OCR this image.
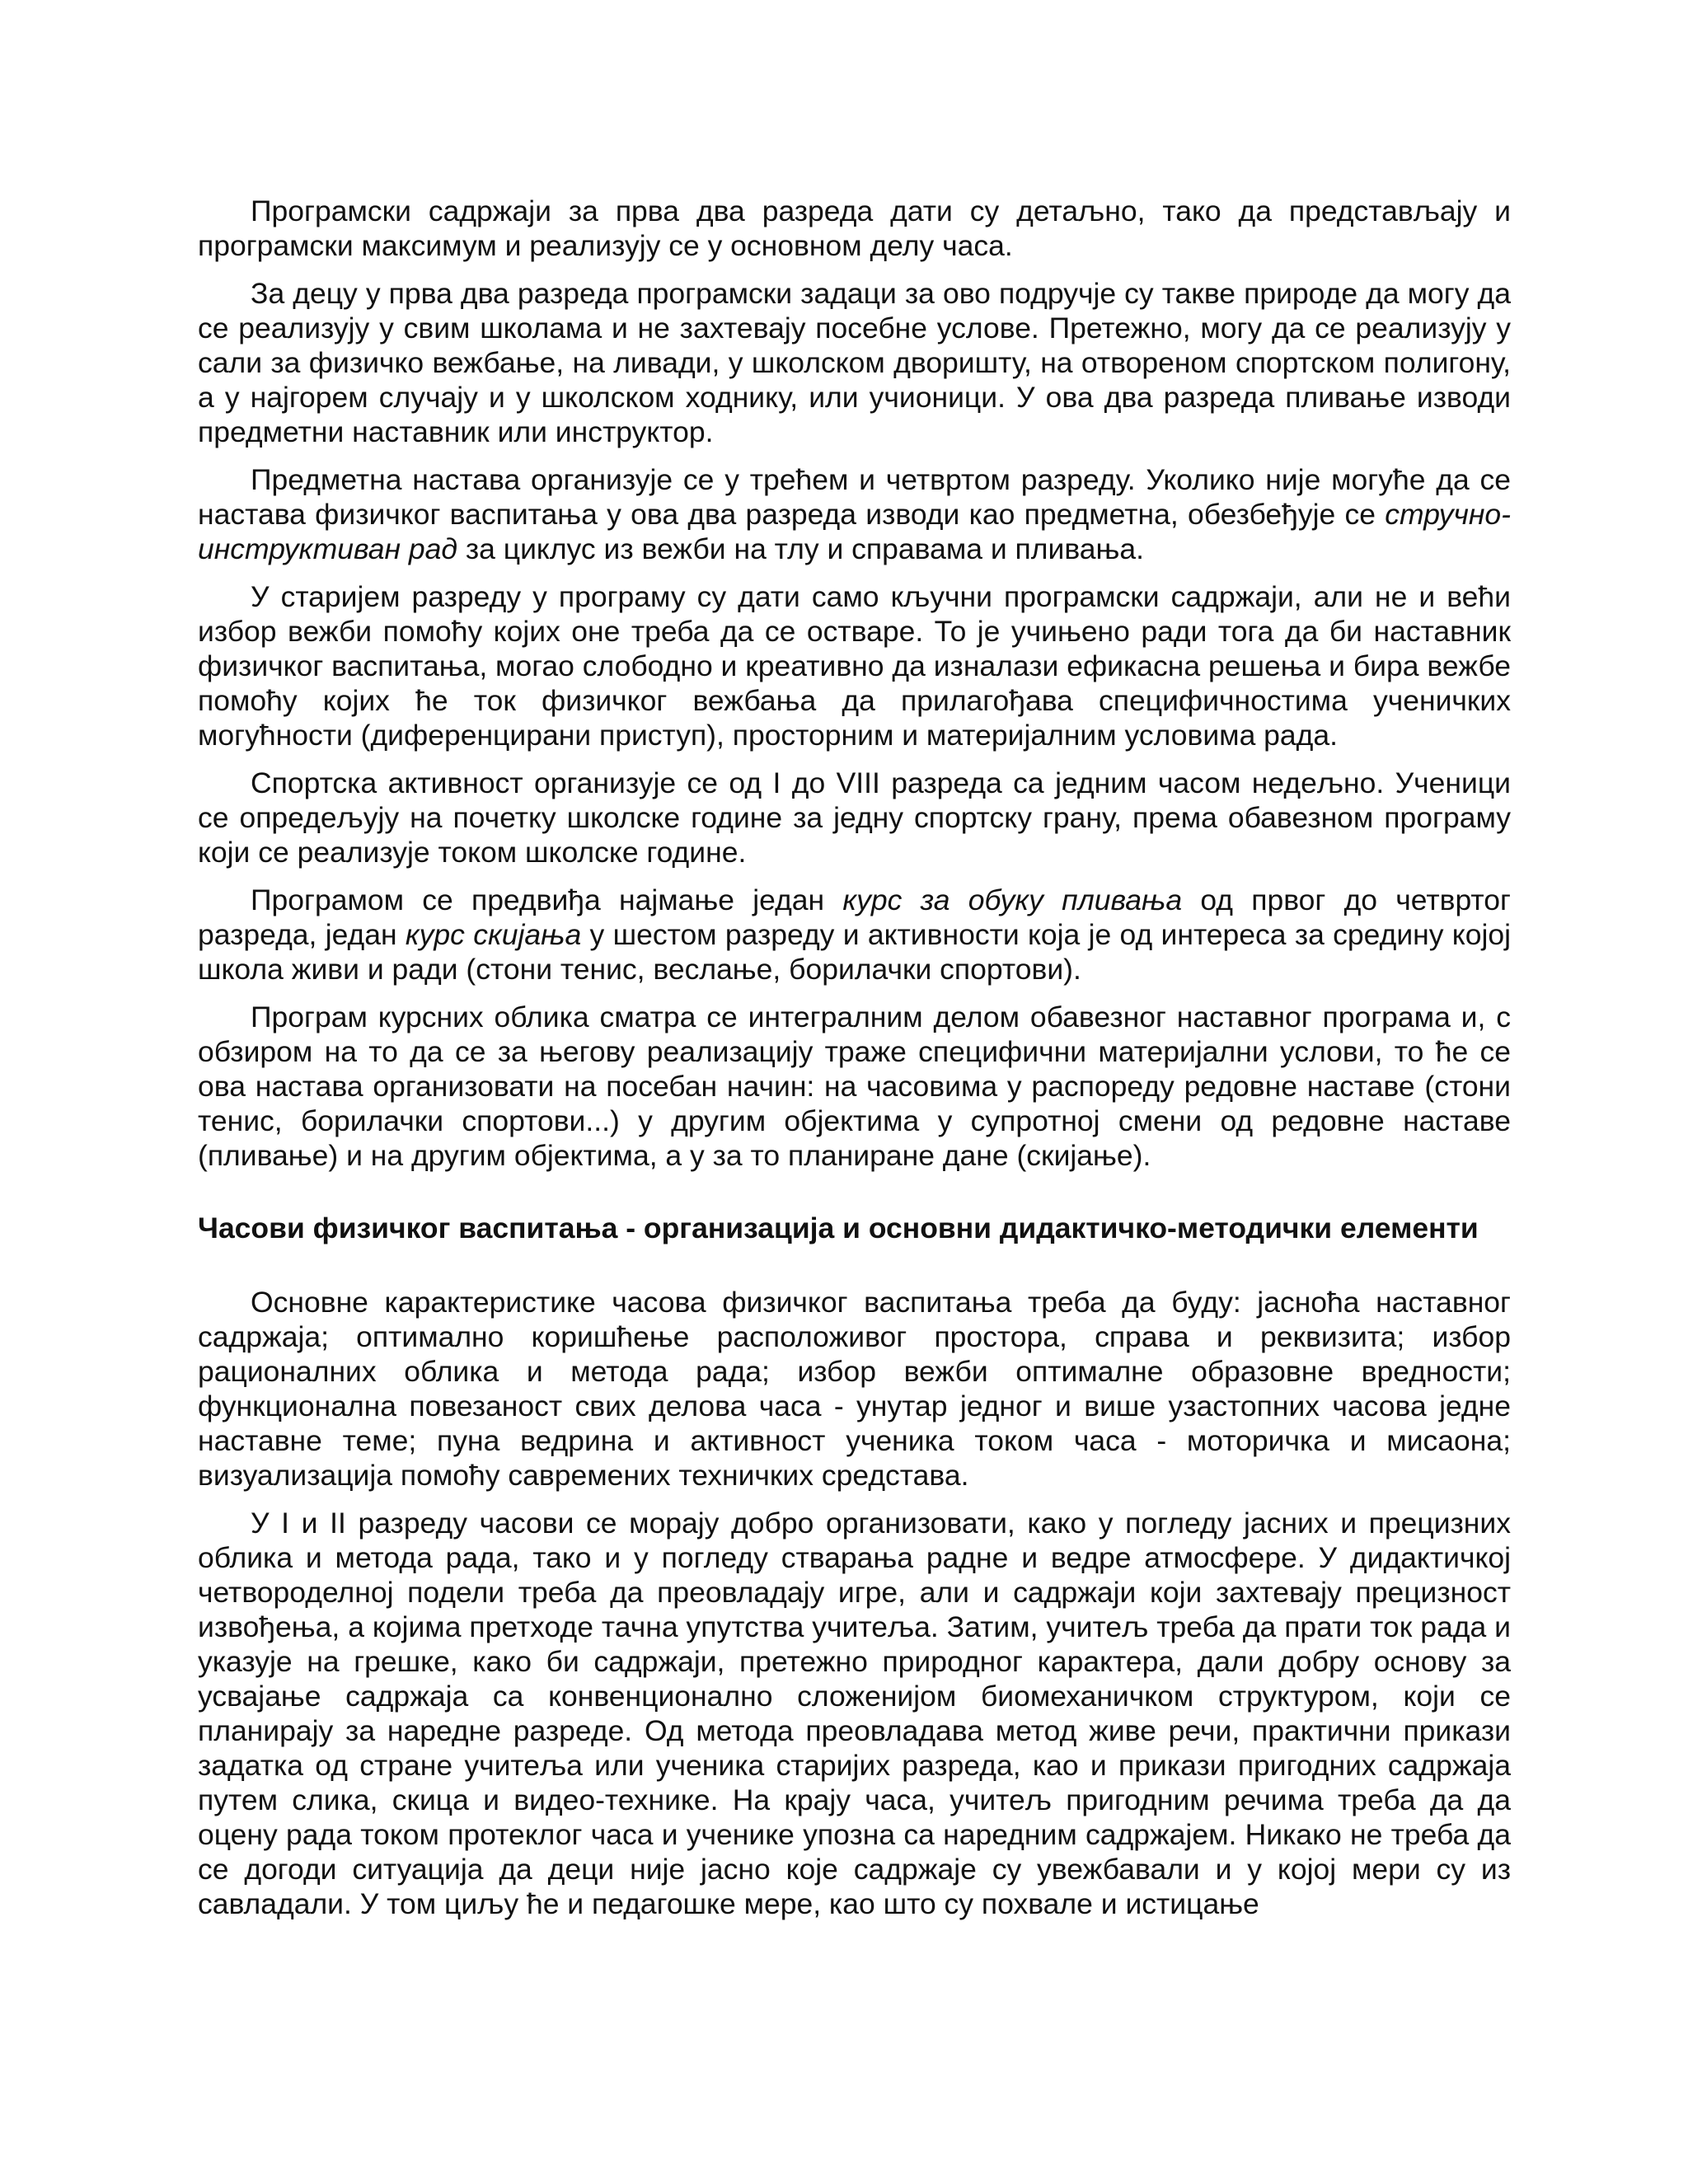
Програмски садржаји за прва два разреда дати су детаљно, тако да представљају и програмски максимум и реализују се у основном делу часа.

За децу у прва два разреда програмски задаци за ово подручје су такве природе да могу да се реализују у свим школама и не захтевају посебне услове. Претежно, могу да се реализују у сали за физичко вежбање, на ливади, у школском дворишту, на отвореном спортском полигону, а у најгорем случају и у школском ходнику, или учионици. У ова два разреда пливање изводи предметни наставник или инструктор.

Предметна настава организује се у трећем и четвртом разреду. Уколико није могуће да се настава физичког васпитања у ова два разреда изводи као предметна, обезбеђује се стручно-инструктиван рад за циклус из вежби на тлу и справама и пливања.

У старијем разреду у програму су дати само кључни програмски садржаји, али не и већи избор вежби помоћу којих оне треба да се остваре. То је учињено ради тога да би наставник физичког васпитања, могао слободно и креативно да изналази ефикасна решења и бира вежбе помоћу којих ће ток физичког вежбања да прилагођава специфичностима ученичких могућности (диференцирани приступ), просторним и материјалним условима рада.

Спортска активност организује се од I до VIII разреда са једним часом недељно. Ученици се опредељују на почетку школске године за једну спортску грану, према обавезном програму који се реализује током школске године.

Програмом се предвиђа најмање један курс за обуку пливања од првог до четвртог разреда, један курс скијања у шестом разреду и активности која је од интереса за средину којој школа живи и ради (стони тенис, веслање, борилачки спортови).

Програм курсних облика сматра се интегралним делом обавезног наставног програма и, с обзиром на то да се за његову реализацију траже специфични материјални услови, то ће се ова настава организовати на посебан начин: на часовима у распореду редовне наставе (стони тенис, борилачки спортови...) у другим објектима у супротној смени од редовне наставе (пливање) и на другим објектима, а у за то планиране дане (скијање).

Часови физичког васпитања - организација и основни дидактичко-методички елементи

Основне карактеристике часова физичког васпитања треба да буду: јасноћа наставног садржаја; оптимално коришћење расположивог простора, справа и реквизита; избор рационалних облика и метода рада; избор вежби оптималне образовне вредности; функционална повезаност свих делова часа - унутар једног и више узастопних часова једне наставне теме; пуна ведрина и активност ученика током часа - моторичка и мисаона; визуализација помоћу савремених техничких средстава.

У I и II разреду часови се морају добро организовати, како у погледу јасних и прецизних облика и метода рада, тако и у погледу стварања радне и ведре атмосфере. У дидактичкој четвороделној подели треба да преовладају игре, али и садржаји који захтевају прецизност извођења, а којима претходе тачна упутства учитеља. Затим, учитељ треба да прати ток рада и указује на грешке, како би садржаји, претежно природног карактера, дали добру основу за усвајање садржаја са конвенционално сложенијом биомеханичком структуром, који се планирају за наредне разреде. Од метода преовладава метод живе речи, практични прикази задатка од стране учитеља или ученика старијих разреда, као и прикази пригодних садржаја путем слика, скица и видео-технике. На крају часа, учитељ пригодним речима треба да да оцену рада током протеклог часа и ученике упозна са наредним садржајем. Никако не треба да се догоди ситуација да деци није јасно које садржаје су увежбавали и у којој мери су из савладали. У том циљу ће и педагошке мере, као што су похвале и истицање
